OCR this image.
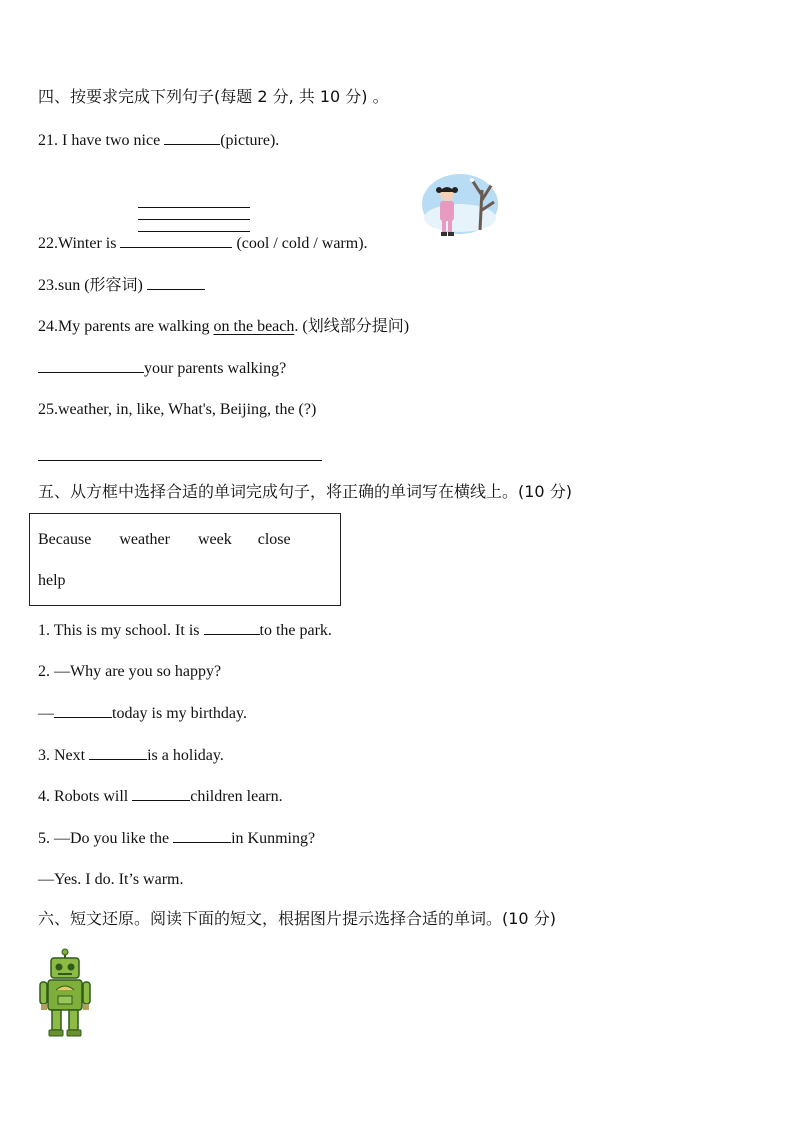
四、按要求完成下列句子(每题 2 分, 共 10 分) 。
21. I have two nice	(picture).
22.Winter is	(cool / cold / warm).
23.sun (形容词)
24.My parents are walking on the beach. (划线部分提问)
your parents walking?
25.weather, in, like, What's, Beijing, the (?)
五、从方框中选择合适的单词完成句子，将正确的单词写在横线上。(10 分)
Because weather week close
help
1. This is my school. It is	to the park.
2. —Why are you so happy?
—	today is my birthday.
3. Next	is a holiday.
4. Robots will	children learn.
5. —Do you like the	in Kunming?
—Yes. I do. It’s warm.
六、短文还原。阅读下面的短文，根据图片提示选择合适的单词。(10 分)
